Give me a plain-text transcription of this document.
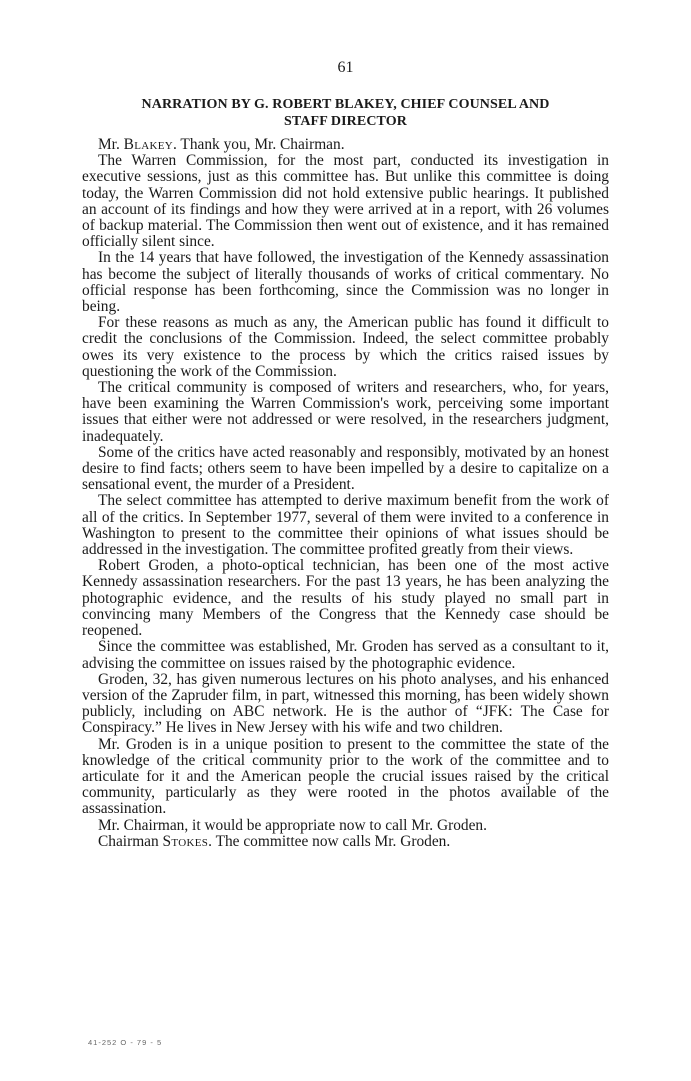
61
NARRATION BY G. ROBERT BLAKEY, CHIEF COUNSEL AND
STAFF DIRECTOR

Mr. Blakey. Thank you, Mr. Chairman.

The Warren Commission, for the most part, conducted its investigation in executive sessions, just as this committee has. But unlike this committee is doing today, the Warren Commission did not hold extensive public hearings. It published an account of its findings and how they were arrived at in a report, with 26 volumes of backup material. The Commission then went out of existence, and it has remained officially silent since.

In the 14 years that have followed, the investigation of the Kennedy assassination has become the subject of literally thousands of works of critical commentary. No official response has been forthcoming, since the Commission was no longer in being.

For these reasons as much as any, the American public has found it difficult to credit the conclusions of the Commission. Indeed, the select committee probably owes its very existence to the process by which the critics raised issues by questioning the work of the Commission.

The critical community is composed of writers and researchers, who, for years, have been examining the Warren Commission's work, perceiving some important issues that either were not addressed or were resolved, in the researchers judgment, inadequately.

Some of the critics have acted reasonably and responsibly, motivated by an honest desire to find facts; others seem to have been impelled by a desire to capitalize on a sensational event, the murder of a President.

The select committee has attempted to derive maximum benefit from the work of all of the critics. In September 1977, several of them were invited to a conference in Washington to present to the committee their opinions of what issues should be addressed in the investigation. The committee profited greatly from their views.

Robert Groden, a photo-optical technician, has been one of the most active Kennedy assassination researchers. For the past 13 years, he has been analyzing the photographic evidence, and the results of his study played no small part in convincing many Members of the Congress that the Kennedy case should be reopened.

Since the committee was established, Mr. Groden has served as a consultant to it, advising the committee on issues raised by the photographic evidence.

Groden, 32, has given numerous lectures on his photo analyses, and his enhanced version of the Zapruder film, in part, witnessed this morning, has been widely shown publicly, including on ABC network. He is the author of “JFK: The Case for Conspiracy.” He lives in New Jersey with his wife and two children.

Mr. Groden is in a unique position to present to the committee the state of the knowledge of the critical community prior to the work of the committee and to articulate for it and the American people the crucial issues raised by the critical community, particularly as they were rooted in the photos available of the assassination.

Mr. Chairman, it would be appropriate now to call Mr. Groden.

Chairman Stokes. The committee now calls Mr. Groden.

41-252 O - 79 - 5
